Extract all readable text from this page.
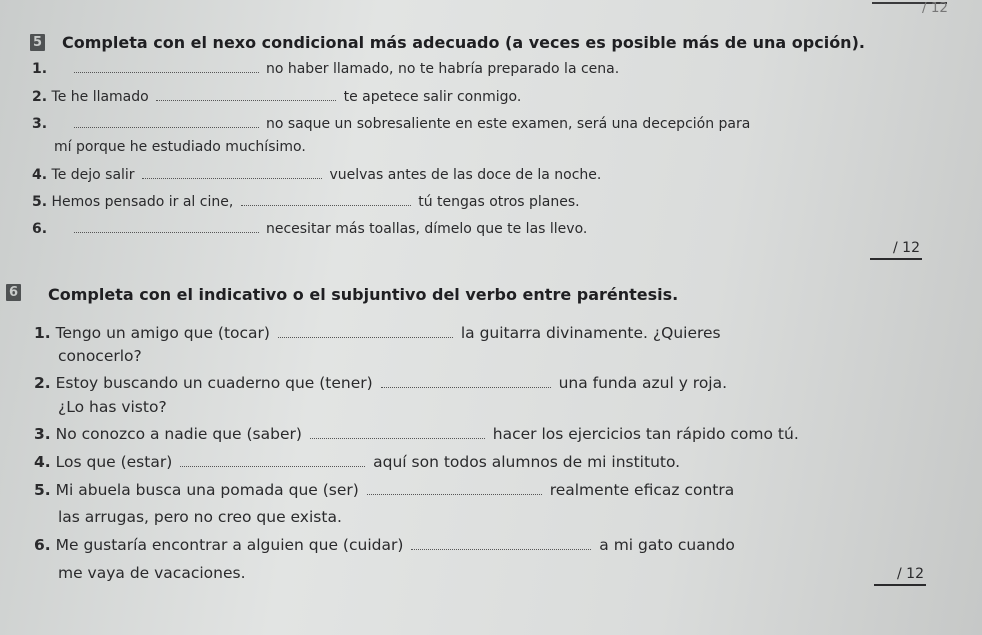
/ 12
5 Completa con el nexo condicional más adecuado (a veces es posible más de una opción).
1.	no haber llamado, no te habría preparado la cena.
2. Te he llamado	te apetece salir conmigo.
3.	no saque un sobresaliente en este examen, será una decepción para
mí porque he estudiado muchísimo.
4. Te dejo salir	vuelvas antes de las doce de la noche.
5. Hemos pensado ir al cine,	tú tengas otros planes.
6.	necesitar más toallas, dímelo que te las llevo.
/ 12
6 Completa con el indicativo o el subjuntivo del verbo entre paréntesis.
1. Tengo un amigo que (tocar)	la guitarra divinamente. ¿Quieres
conocerlo?
2. Estoy buscando un cuaderno que (tener)	una funda azul y roja.
¿Lo has visto?
3. No conozco a nadie que (saber)	hacer los ejercicios tan rápido como tú.
4. Los que (estar)	aquí son todos alumnos de mi instituto.
5. Mi abuela busca una pomada que (ser)	realmente eficaz contra
las arrugas, pero no creo que exista.
6. Me gustaría encontrar a alguien que (cuidar)	a mi gato cuando
me vaya de vacaciones.	/ 12
